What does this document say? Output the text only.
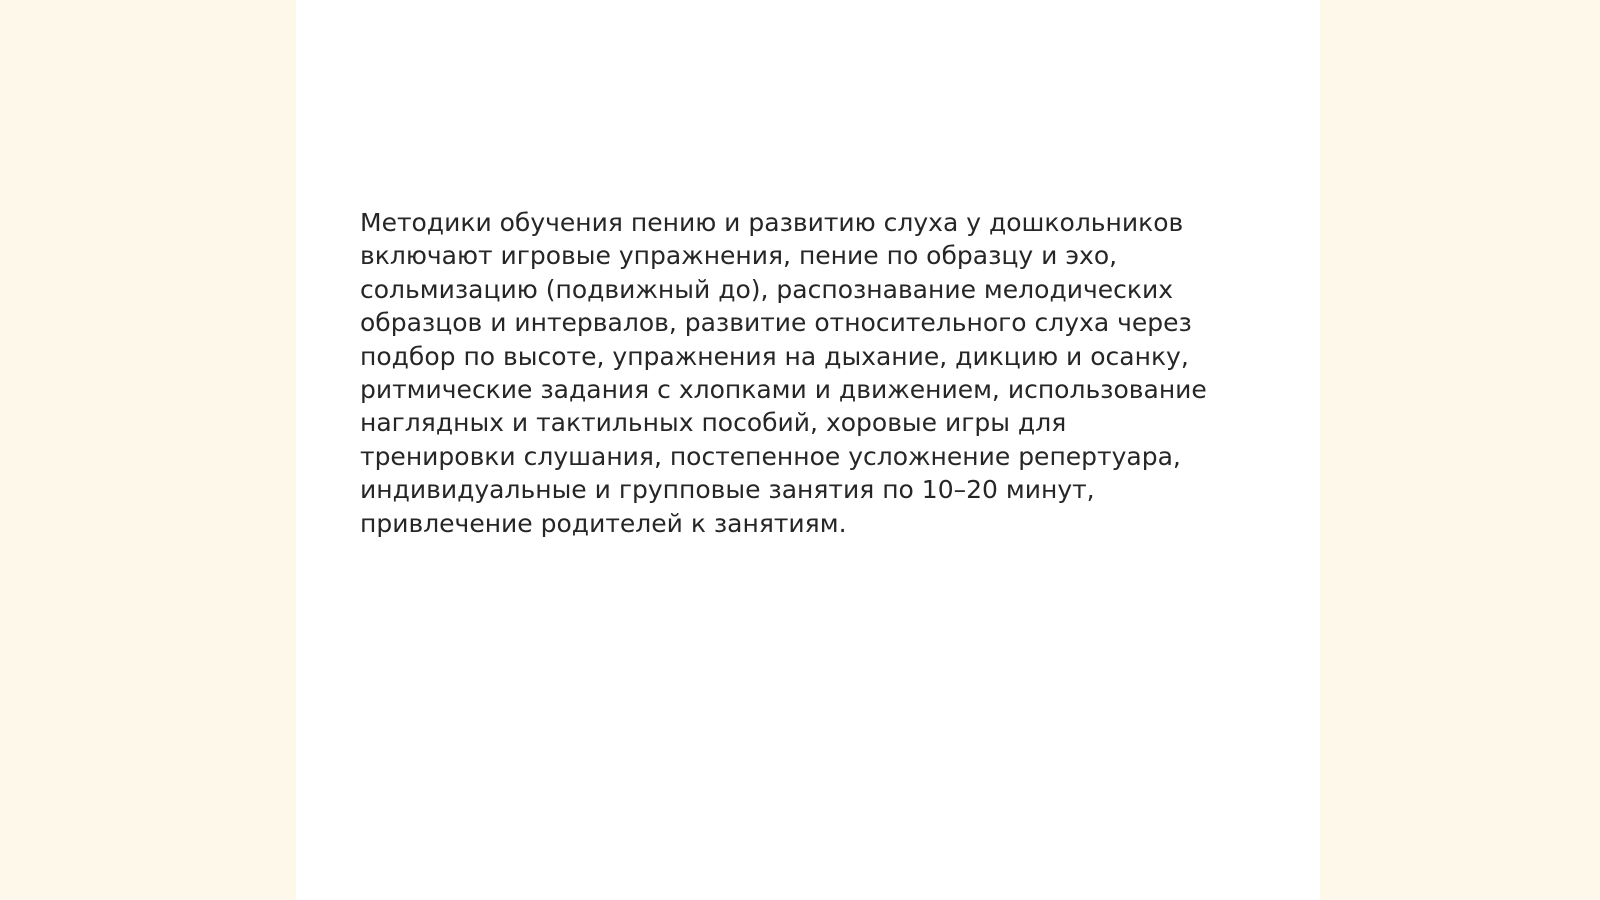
Методики обучения пению и развитию слуха у дошкольников
включают игровые упражнения, пение по образцу и эхо,
сольмизацию (подвижный до), распознавание мелодических
образцов и интервалов, развитие относительного слуха через
подбор по высоте, упражнения на дыхание, дикцию и осанку,
ритмические задания с хлопками и движением, использование
наглядных и тактильных пособий, хоровые игры для
тренировки слушания, постепенное усложнение репертуара,
индивидуальные и групповые занятия по 10–20 минут,
привлечение родителей к занятиям.
